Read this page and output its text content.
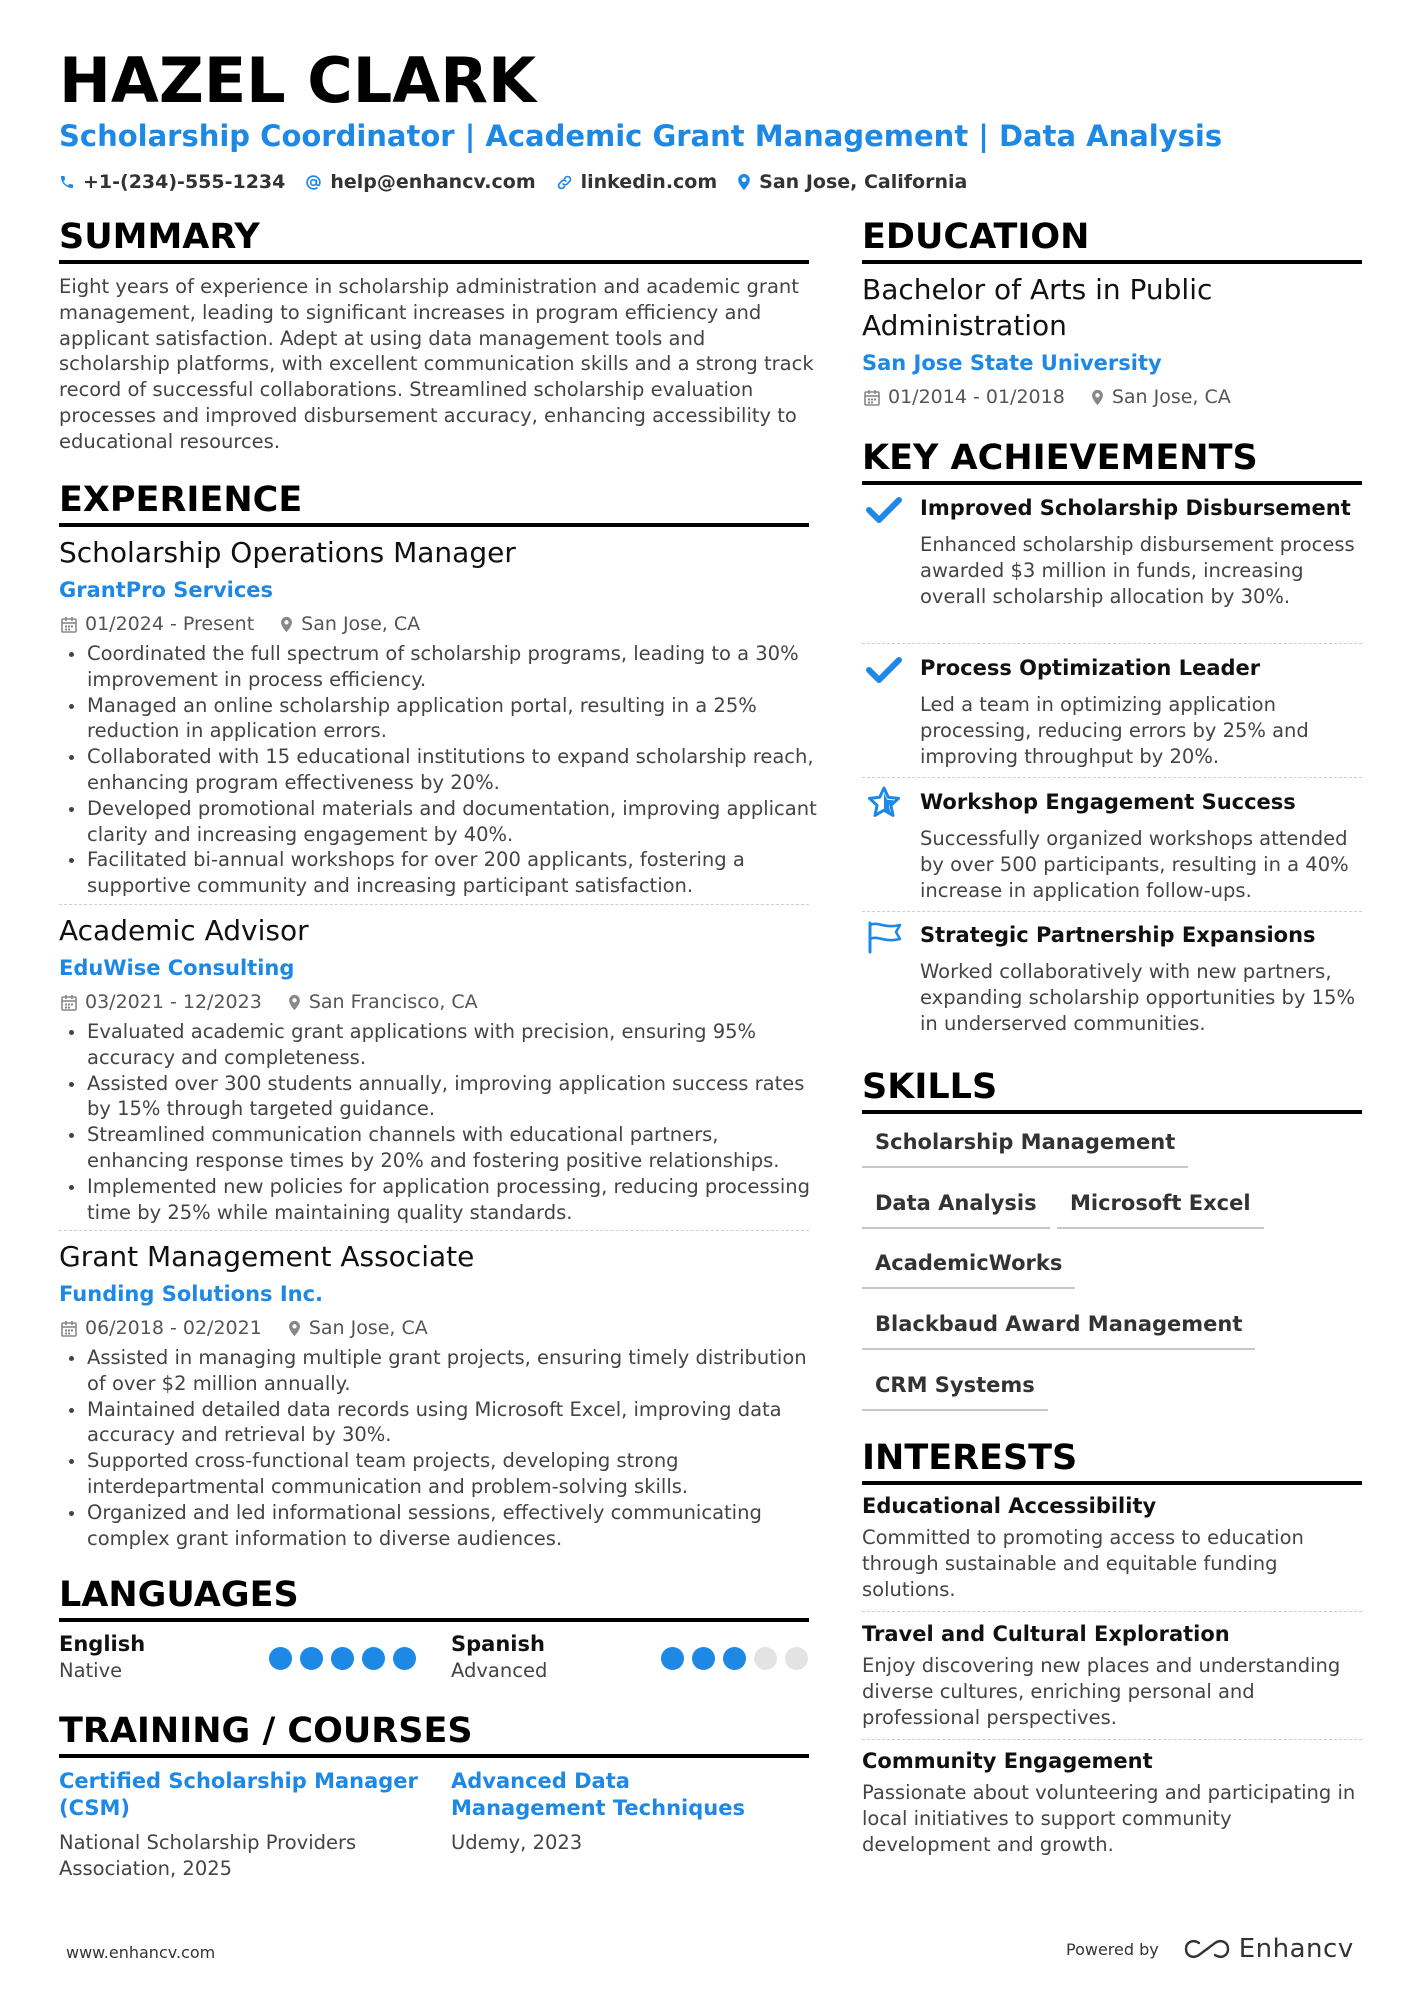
HAZEL CLARK
Scholarship Coordinator | Academic Grant Management | Data Analysis
+1-(234)-555-1234 help@enhancv.com linkedin.com San Jose, California
SUMMARY
Eight years of experience in scholarship administration and academic grant management, leading to significant increases in program efficiency and applicant satisfaction. Adept at using data management tools and scholarship platforms, with excellent communication skills and a strong track record of successful collaborations. Streamlined scholarship evaluation processes and improved disbursement accuracy, enhancing accessibility to educational resources.
EXPERIENCE
Scholarship Operations Manager
GrantPro Services
01/2024 - Present San Jose, CA
Coordinated the full spectrum of scholarship programs, leading to a 30% improvement in process efficiency.
Managed an online scholarship application portal, resulting in a 25% reduction in application errors.
Collaborated with 15 educational institutions to expand scholarship reach, enhancing program effectiveness by 20%.
Developed promotional materials and documentation, improving applicant clarity and increasing engagement by 40%.
Facilitated bi-annual workshops for over 200 applicants, fostering a supportive community and increasing participant satisfaction.
Academic Advisor
EduWise Consulting
03/2021 - 12/2023 San Francisco, CA
Evaluated academic grant applications with precision, ensuring 95% accuracy and completeness.
Assisted over 300 students annually, improving application success rates by 15% through targeted guidance.
Streamlined communication channels with educational partners, enhancing response times by 20% and fostering positive relationships.
Implemented new policies for application processing, reducing processing time by 25% while maintaining quality standards.
Grant Management Associate
Funding Solutions Inc.
06/2018 - 02/2021 San Jose, CA
Assisted in managing multiple grant projects, ensuring timely distribution of over $2 million annually.
Maintained detailed data records using Microsoft Excel, improving data accuracy and retrieval by 30%.
Supported cross-functional team projects, developing strong interdepartmental communication and problem-solving skills.
Organized and led informational sessions, effectively communicating complex grant information to diverse audiences.
LANGUAGES
English
Native
Spanish
Advanced
TRAINING / COURSES
Certified Scholarship Manager (CSM)
National Scholarship Providers Association, 2025
Advanced Data Management Techniques
Udemy, 2023
EDUCATION
Bachelor of Arts in Public Administration
San Jose State University
01/2014 - 01/2018 San Jose, CA
KEY ACHIEVEMENTS
Improved Scholarship Disbursement
Enhanced scholarship disbursement process awarded $3 million in funds, increasing overall scholarship allocation by 30%.
Process Optimization Leader
Led a team in optimizing application processing, reducing errors by 25% and improving throughput by 20%.
Workshop Engagement Success
Successfully organized workshops attended by over 500 participants, resulting in a 40% increase in application follow-ups.
Strategic Partnership Expansions
Worked collaboratively with new partners, expanding scholarship opportunities by 15% in underserved communities.
SKILLS
Scholarship Management
Data Analysis	Microsoft Excel
AcademicWorks
Blackbaud Award Management
CRM Systems
INTERESTS
Educational Accessibility
Committed to promoting access to education through sustainable and equitable funding solutions.
Travel and Cultural Exploration
Enjoy discovering new places and understanding diverse cultures, enriching personal and professional perspectives.
Community Engagement
Passionate about volunteering and participating in local initiatives to support community development and growth.
www.enhancv.com	Powered by	Enhancv
